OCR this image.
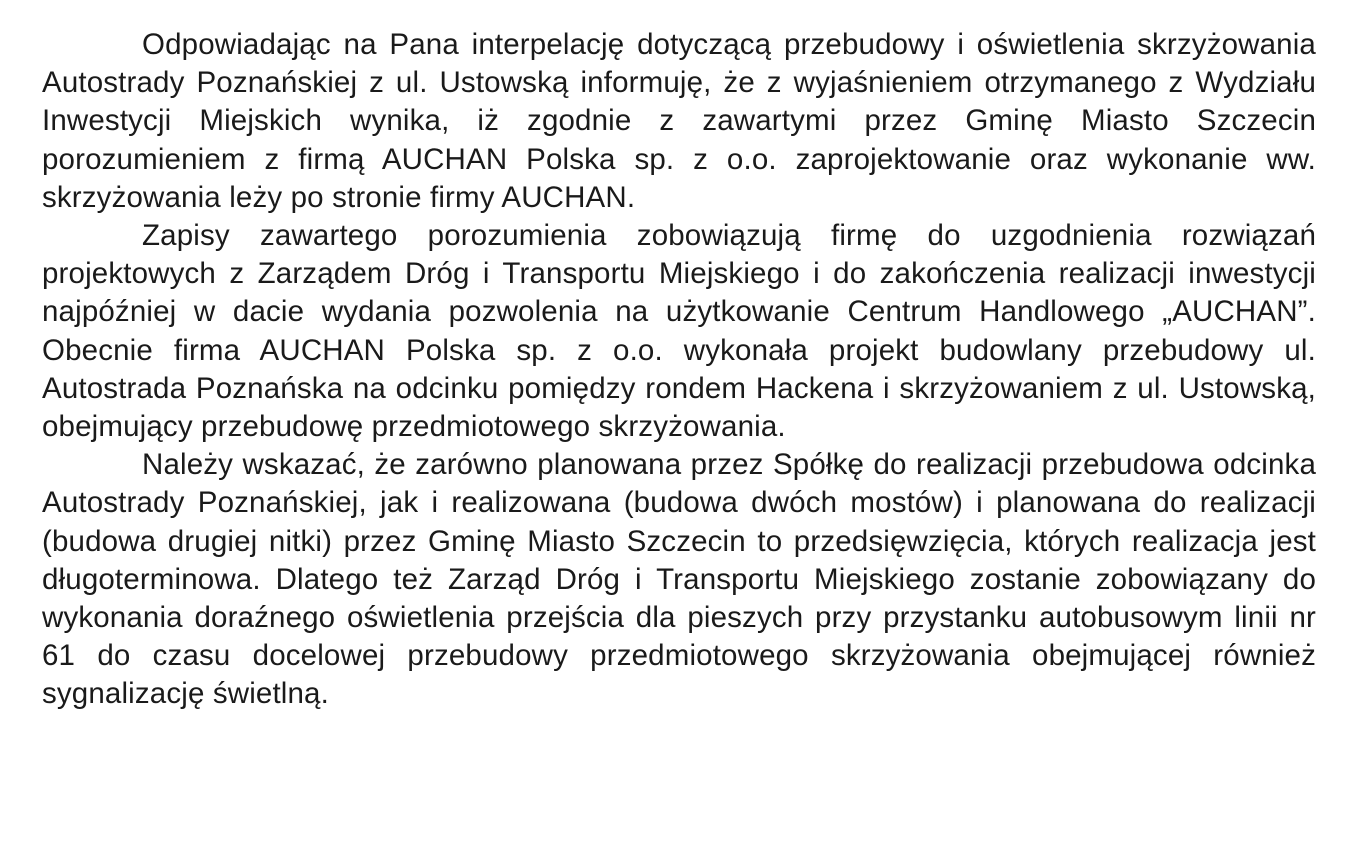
Odpowiadając na Pana interpelację dotyczącą przebudowy i oświetlenia skrzyżowania Autostrady Poznańskiej z ul. Ustowską informuję, że z wyjaśnieniem otrzymanego z Wydziału Inwestycji Miejskich wynika, iż zgodnie z zawartymi przez Gminę Miasto Szczecin porozumieniem z firmą AUCHAN Polska sp. z o.o. zaprojektowanie oraz wykonanie ww. skrzyżowania leży po stronie firmy AUCHAN.

Zapisy zawartego porozumienia zobowiązują firmę do uzgodnienia rozwiązań projektowych z Zarządem Dróg i Transportu Miejskiego i do zakończenia realizacji inwestycji najpóźniej w dacie wydania pozwolenia na użytkowanie Centrum Handlowego „AUCHAN”. Obecnie firma AUCHAN Polska sp. z o.o. wykonała projekt budowlany przebudowy ul. Autostrada Poznańska na odcinku pomiędzy rondem Hackena i skrzyżowaniem z ul. Ustowską, obejmujący przebudowę przedmiotowego skrzyżowania.

Należy wskazać, że zarówno planowana przez Spółkę do realizacji przebudowa odcinka Autostrady Poznańskiej, jak i realizowana (budowa dwóch mostów) i planowana do realizacji (budowa drugiej nitki) przez Gminę Miasto Szczecin to przedsięwzięcia, których realizacja jest długoterminowa. Dlatego też Zarząd Dróg i Transportu Miejskiego zostanie zobowiązany do wykonania doraźnego oświetlenia przejścia dla pieszych przy przystanku autobusowym linii nr 61 do czasu docelowej przebudowy przedmiotowego skrzyżowania obejmującej również sygnalizację świetlną.
